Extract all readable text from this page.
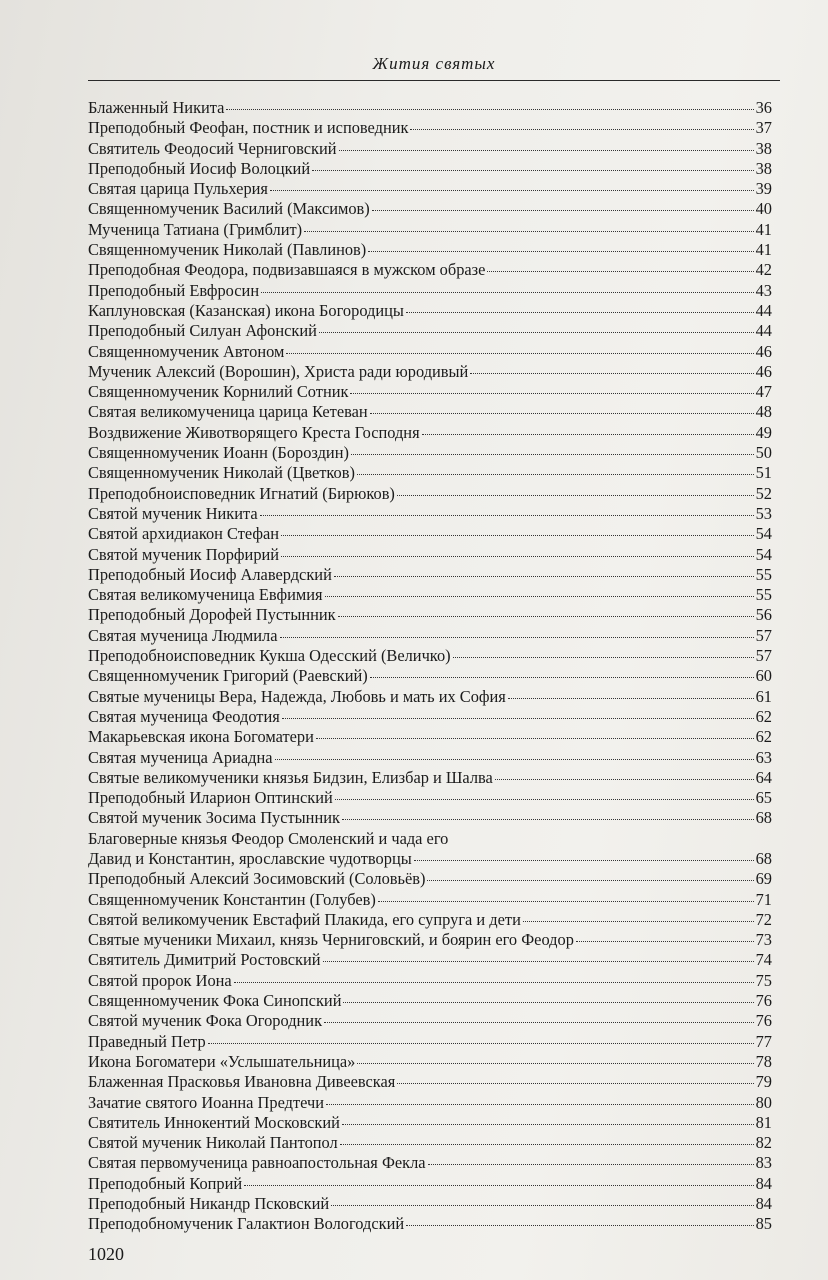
Жития святых
Блаженный Никита	36
Преподобный Феофан, постник и исповедник	37
Святитель Феодосий Черниговский	38
Преподобный Иосиф Волоцкий	38
Святая царица Пульхерия	39
Священномученик Василий (Максимов)	40
Мученица Татиана (Гримблит)	41
Священномученик Николай (Павлинов)	41
Преподобная Феодора, подвизавшаяся в мужском образе	42
Преподобный Евфросин	43
Каплуновская (Казанская) икона Богородицы	44
Преподобный Силуан Афонский	44
Священномученик Автоном	46
Мученик Алексий (Ворошин), Христа ради юродивый	46
Священномученик Корнилий Сотник	47
Святая великомученица царица Кетеван	48
Воздвижение Животворящего Креста Господня	49
Священномученик Иоанн (Бороздин)	50
Священномученик Николай (Цветков)	51
Преподобноисповедник Игнатий (Бирюков)	52
Святой мученик Никита	53
Святой архидиакон Стефан	54
Святой мученик Порфирий	54
Преподобный Иосиф Алавердский	55
Святая великомученица Евфимия	55
Преподобный Дорофей Пустынник	56
Святая мученица Людмила	57
Преподобноисповедник Кукша Одесский (Величко)	57
Священномученик Григорий (Раевский)	60
Святые мученицы Вера, Надежда, Любовь и мать их София	61
Святая мученица Феодотия	62
Макарьевская икона Богоматери	62
Святая мученица Ариадна	63
Святые великомученики князья Бидзин, Елизбар и Шалва	64
Преподобный Иларион Оптинский	65
Святой мученик Зосима Пустынник	68
Благоверные князья Феодор Смоленский и чада его
Давид и Константин, ярославские чудотворцы	68
Преподобный Алексий Зосимовский (Соловьёв)	69
Священномученик Константин (Голубев)	71
Святой великомученик Евстафий Плакида, его супруга и дети	72
Святые мученики Михаил, князь Черниговский, и боярин его Феодор	73
Святитель Димитрий Ростовский	74
Святой пророк Иона	75
Священномученик Фока Синопский	76
Святой мученик Фока Огородник	76
Праведный Петр	77
Икона Богоматери «Услышательница»	78
Блаженная Прасковья Ивановна Дивеевская	79
Зачатие святого Иоанна Предтечи	80
Святитель Иннокентий Московский	81
Святой мученик Николай Пантопол	82
Святая первомученица равноапостольная Фекла	83
Преподобный Коприй	84
Преподобный Никандр Псковский	84
Преподобномученик Галактион Вологодский	85
1020
